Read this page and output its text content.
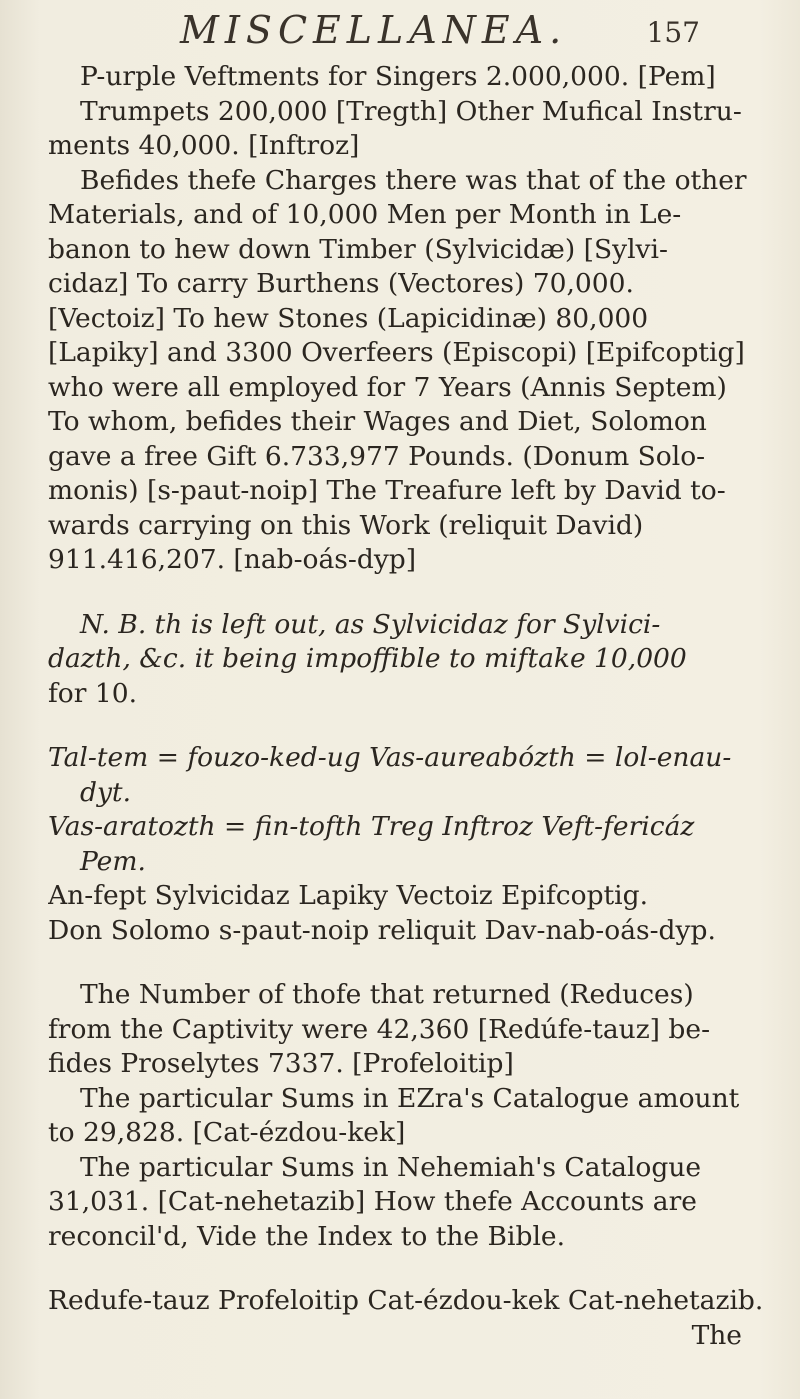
MISCELLANEA.	157
P-urple Veftments for Singers 2.000,000. [Pem]
Trumpets 200,000 [Tregth] Other Mufical Instru-
ments 40,000. [Inftroz]
Befides thefe Charges there was that of the other
Materials, and of 10,000 Men per Month in Le-
banon to hew down Timber (Sylvicidæ) [Sylvi-
cidaz] To carry Burthens (Vectores) 70,000.
[Vectoiz] To hew Stones (Lapicidinæ) 80,000
[Lapiky] and 3300 Overfeers (Episcopi) [Epifcoptig]
who were all employed for 7 Years (Annis Septem)
To whom, befides their Wages and Diet, Solomon
gave a free Gift 6.733,977 Pounds. (Donum Solo-
monis) [s-paut-noip] The Treafure left by David to-
wards carrying on this Work (reliquit David)
911.416,207. [nab-oás-dyp]
N. B. th is left out, as Sylvicidaz for Sylvici-
dazth, &c. it being impoffible to miftake 10,000
for 10.
Tal-tem = fouzo-ked-ug Vas-aureabózth = lol-enau-
dyt.
Vas-aratozth = fin-tofth Treg Inftroz Veft-fericáz
Pem.
An-fept Sylvicidaz Lapiky Vectoiz Epifcoptig.
Don Solomo s-paut-noip reliquit Dav-nab-oás-dyp.
The Number of thofe that returned (Reduces)
from the Captivity were 42,360 [Redúfe-tauz] be-
fides Proselytes 7337. [Profeloitip]
The particular Sums in EZra's Catalogue amount
to 29,828. [Cat-ézdou-kek]
The particular Sums in Nehemiah's Catalogue
31,031. [Cat-nehetazib] How thefe Accounts are
reconcil'd, Vide the Index to the Bible.
Redufe-tauz Profeloitip Cat-ézdou-kek Cat-nehetazib.
The
